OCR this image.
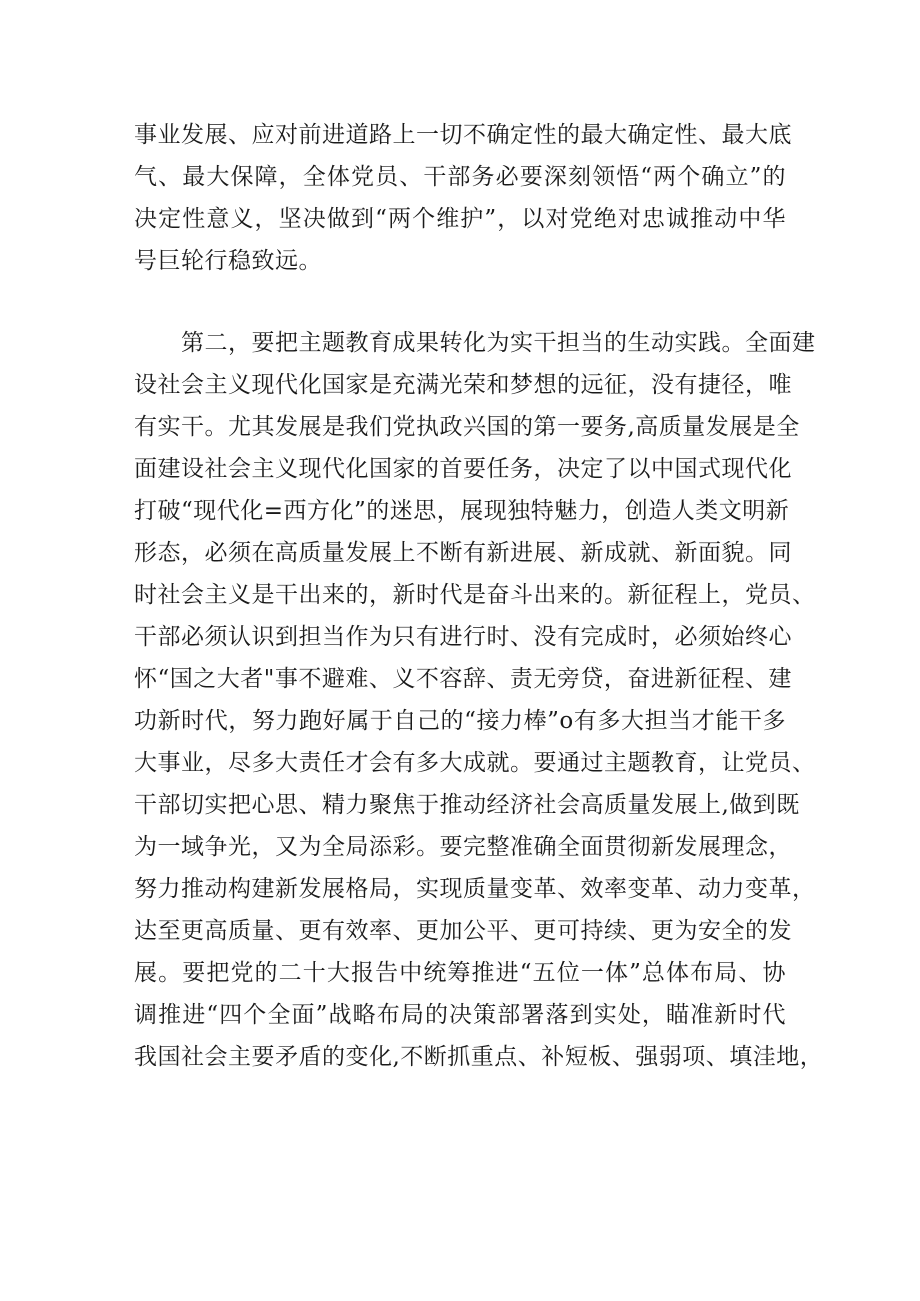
事业发展、应对前进道路上一切不确定性的最大确定性、最大底
气、最大保障，全体党员、干部务必要深刻领悟“两个确立”的
决定性意义，坚决做到“两个维护”，以对党绝对忠诚推动中华
号巨轮行稳致远。
　　第二，要把主题教育成果转化为实干担当的生动实践。全面建
设社会主义现代化国家是充满光荣和梦想的远征，没有捷径，唯
有实干。尤其发展是我们党执政兴国的第一要务,高质量发展是全
面建设社会主义现代化国家的首要任务，决定了以中国式现代化
打破“现代化=西方化”的迷思，展现独特魅力，创造人类文明新
形态，必须在高质量发展上不断有新进展、新成就、新面貌。同
时社会主义是干出来的，新时代是奋斗出来的。新征程上，党员、
干部必须认识到担当作为只有进行时、没有完成时，必须始终心
怀“国之大者"事不避难、义不容辞、责无旁贷，奋进新征程、建
功新时代，努力跑好属于自己的“接力棒”o有多大担当才能干多
大事业，尽多大责任才会有多大成就。要通过主题教育，让党员、
干部切实把心思、精力聚焦于推动经济社会高质量发展上,做到既
为一域争光，又为全局添彩。要完整准确全面贯彻新发展理念，
努力推动构建新发展格局，实现质量变革、效率变革、动力变革，
达至更高质量、更有效率、更加公平、更可持续、更为安全的发
展。要把党的二十大报告中统筹推进“五位一体”总体布局、协
调推进“四个全面”战略布局的决策部署落到实处，瞄准新时代
我国社会主要矛盾的变化,不断抓重点、补短板、强弱项、填洼地，
